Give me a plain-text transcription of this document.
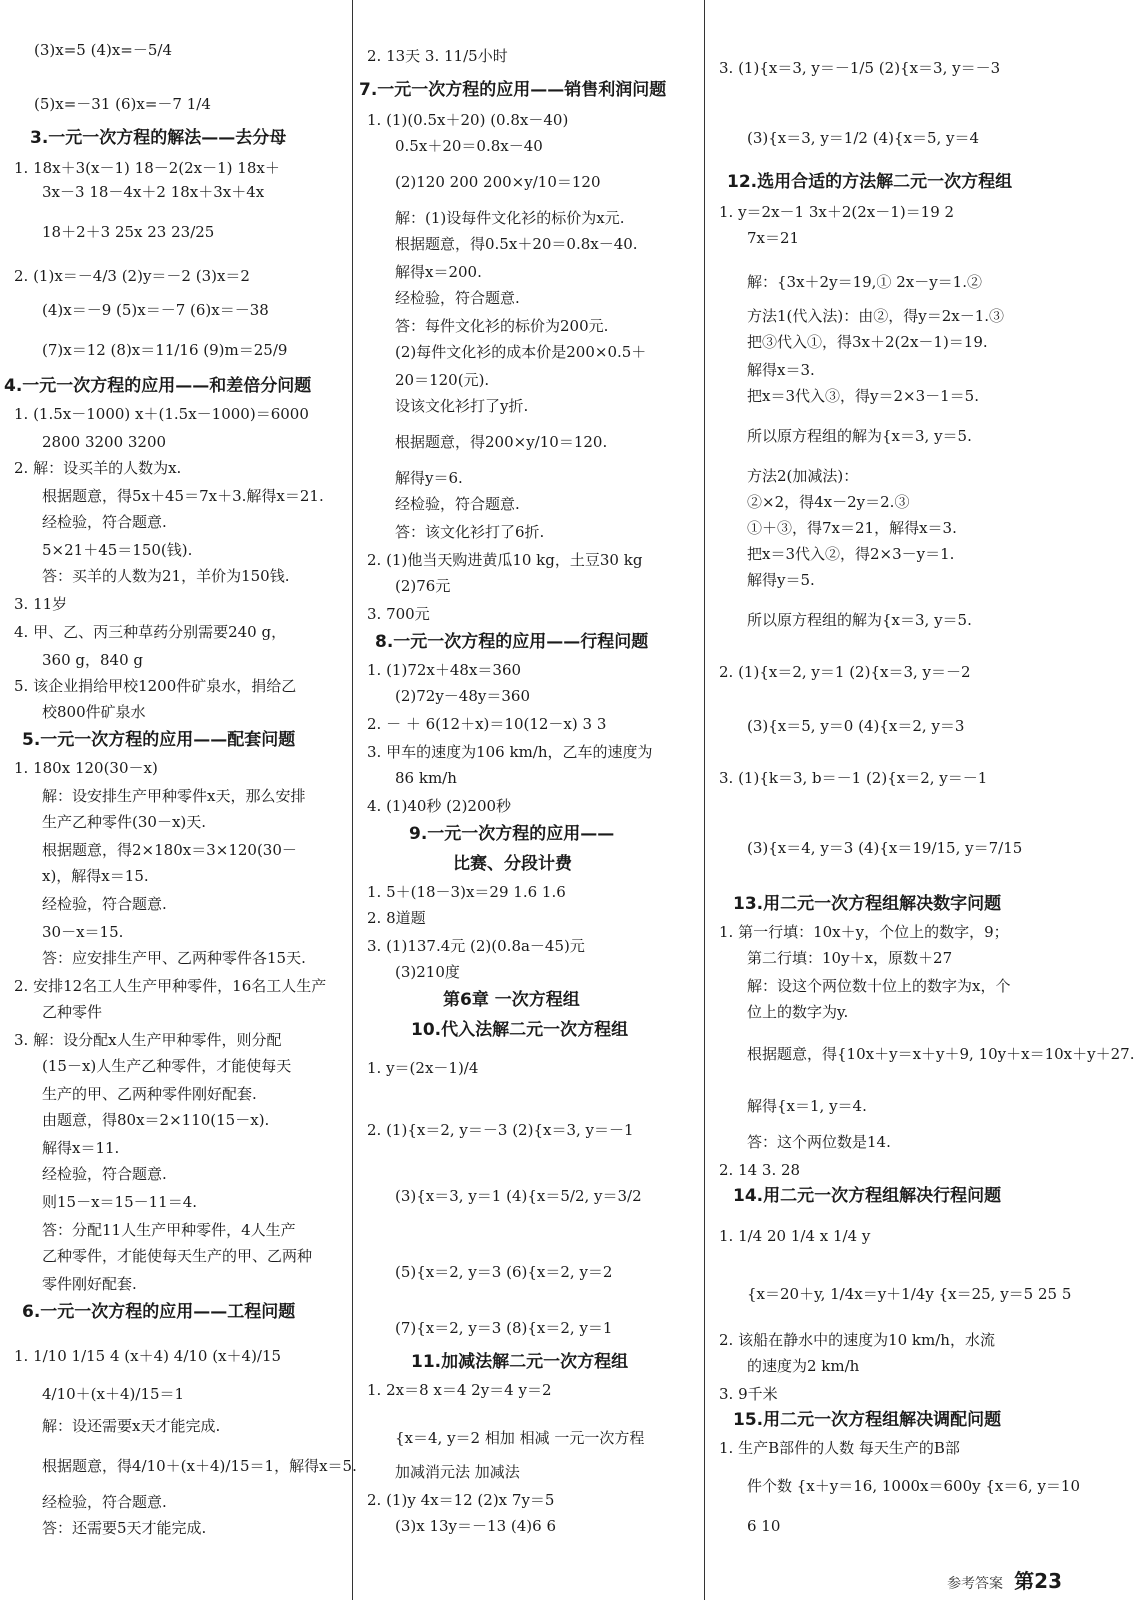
(3)x=5 (4)x=－5/4
(5)x=－31 (6)x=－7 1/4
3.一元一次方程的解法——去分母
1. 18x＋3(x－1) 18－2(2x－1) 18x＋
3x－3 18－4x＋2 18x＋3x＋4x
18＋2＋3 25x 23 23/25
2. (1)x＝－4/3 (2)y＝－2 (3)x＝2
(4)x＝－9 (5)x＝－7 (6)x＝－38
(7)x＝12 (8)x＝11/16 (9)m＝25/9
4.一元一次方程的应用——和差倍分问题
1. (1.5x－1000) x＋(1.5x－1000)＝6000
2800 3200 3200
2. 解：设买羊的人数为x.
根据题意，得5x＋45＝7x＋3.解得x＝21.
经检验，符合题意.
5×21＋45＝150(钱).
答：买羊的人数为21，羊价为150钱.
3. 11岁
4. 甲、乙、丙三种草药分别需要240 g，
360 g，840 g
5. 该企业捐给甲校1200件矿泉水，捐给乙
校800件矿泉水
5.一元一次方程的应用——配套问题
1. 180x 120(30－x)
解：设安排生产甲种零件x天，那么安排
生产乙种零件(30－x)天.
根据题意，得2×180x＝3×120(30－
x)，解得x＝15.
经检验，符合题意.
30－x＝15.
答：应安排生产甲、乙两种零件各15天.
2. 安排12名工人生产甲种零件，16名工人生产
乙种零件
3. 解：设分配x人生产甲种零件，则分配
(15－x)人生产乙种零件，才能使每天
生产的甲、乙两种零件刚好配套.
由题意，得80x＝2×110(15－x).
解得x＝11.
经检验，符合题意.
则15－x＝15－11＝4.
答：分配11人生产甲种零件，4人生产
乙种零件，才能使每天生产的甲、乙两种
零件刚好配套.
6.一元一次方程的应用——工程问题
1. 1/10 1/15 4 (x＋4) 4/10 (x＋4)/15
4/10＋(x＋4)/15＝1
解：设还需要x天才能完成.
根据题意，得4/10＋(x＋4)/15＝1，解得x＝5.
经检验，符合题意.
答：还需要5天才能完成.
2. 13天 3. 11/5小时
7.一元一次方程的应用——销售利润问题
1. (1)(0.5x＋20) (0.8x－40)
0.5x＋20＝0.8x－40
(2)120 200 200×y/10＝120
解：(1)设每件文化衫的标价为x元.
根据题意，得0.5x＋20＝0.8x－40.
解得x＝200.
经检验，符合题意.
答：每件文化衫的标价为200元.
(2)每件文化衫的成本价是200×0.5＋
20＝120(元).
设该文化衫打了y折.
根据题意，得200×y/10＝120.
解得y＝6.
经检验，符合题意.
答：该文化衫打了6折.
2. (1)他当天购进黄瓜10 kg，土豆30 kg
(2)76元
3. 700元
8.一元一次方程的应用——行程问题
1. (1)72x＋48x＝360
(2)72y－48y＝360
2. － ＋ 6(12＋x)＝10(12－x) 3 3
3. 甲车的速度为106 km/h，乙车的速度为
86 km/h
4. (1)40秒 (2)200秒
9.一元一次方程的应用——
比赛、分段计费
1. 5＋(18－3)x＝29 1.6 1.6
2. 8道题
3. (1)137.4元 (2)(0.8a－45)元
(3)210度
第6章 一次方程组
10.代入法解二元一次方程组
1. y＝(2x－1)/4
2. (1){x＝2, y＝－3 (2){x＝3, y＝－1
(3){x＝3, y＝1 (4){x＝5/2, y＝3/2
(5){x＝2, y＝3 (6){x＝2, y＝2
(7){x＝2, y＝3 (8){x＝2, y＝1
11.加减法解二元一次方程组
1. 2x＝8 x＝4 2y＝4 y＝2
{x＝4, y＝2 相加 相减 一元一次方程
加减消元法 加减法
2. (1)y 4x＝12 (2)x 7y＝5
(3)x 13y＝－13 (4)6 6
3. (1){x＝3, y＝－1/5 (2){x＝3, y＝－3
(3){x＝3, y＝1/2 (4){x＝5, y＝4
12.选用合适的方法解二元一次方程组
1. y＝2x－1 3x＋2(2x－1)＝19 2
7x＝21
解：{3x＋2y＝19,① 2x－y＝1.②
方法1(代入法)：由②，得y＝2x－1.③
把③代入①，得3x＋2(2x－1)＝19.
解得x＝3.
把x＝3代入③，得y＝2×3－1＝5.
所以原方程组的解为{x＝3, y＝5.
方法2(加减法)：
②×2，得4x－2y＝2.③
①＋③，得7x＝21，解得x＝3.
把x＝3代入②，得2×3－y＝1.
解得y＝5.
所以原方程组的解为{x＝3, y＝5.
2. (1){x＝2, y＝1 (2){x＝3, y＝－2
(3){x＝5, y＝0 (4){x＝2, y＝3
3. (1){k＝3, b＝－1 (2){x＝2, y＝－1
(3){x＝4, y＝3 (4){x＝19/15, y＝7/15
13.用二元一次方程组解决数字问题
1. 第一行填：10x＋y，个位上的数字，9；
第二行填：10y＋x，原数＋27
解：设这个两位数十位上的数字为x，个
位上的数字为y.
根据题意，得{10x＋y＝x＋y＋9, 10y＋x＝10x＋y＋27.
解得{x＝1, y＝4.
答：这个两位数是14.
2. 14 3. 28
14.用二元一次方程组解决行程问题
1. 1/4 20 1/4 x 1/4 y
{x＝20＋y, 1/4x＝y＋1/4y {x＝25, y＝5 25 5
2. 该船在静水中的速度为10 km/h，水流
的速度为2 km/h
3. 9千米
15.用二元一次方程组解决调配问题
1. 生产B部件的人数 每天生产的B部
件个数 {x＋y＝16, 1000x＝600y {x＝6, y＝10
6 10
参考答案 第23
